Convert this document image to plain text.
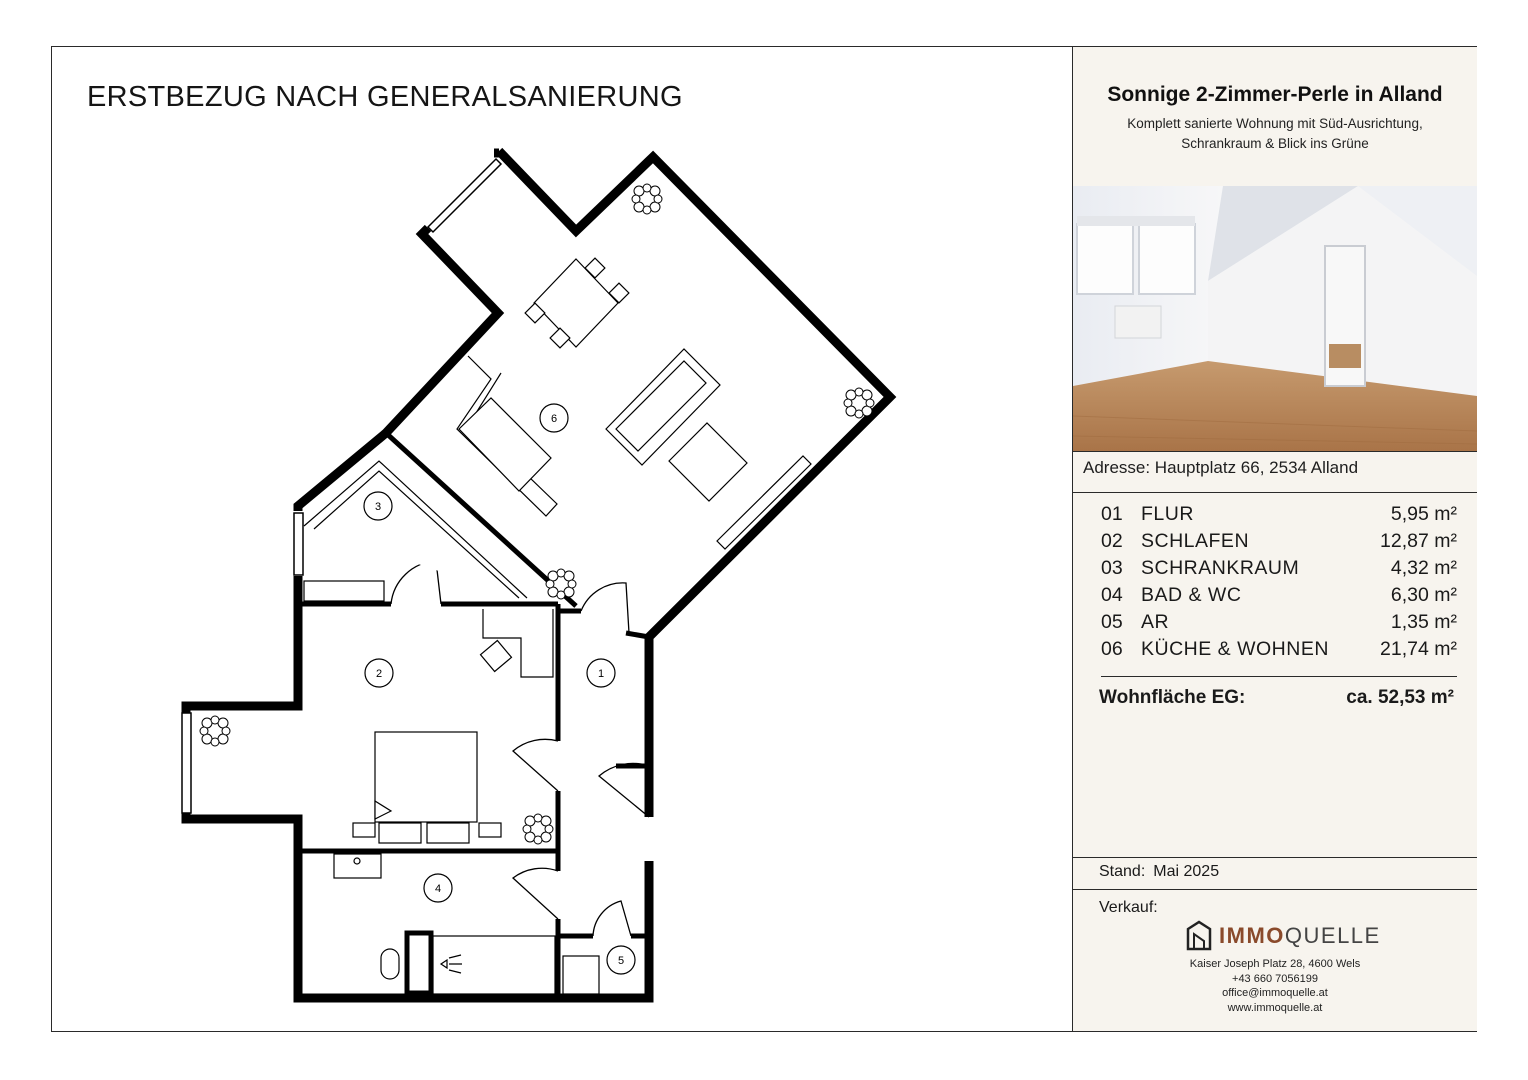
ERSTBEZUG NACH GENERALSANIERUNG
1
2
3
4
5
6
Sonnige 2-Zimmer-Perle in Alland
Komplett sanierte Wohnung mit Süd-Ausrichtung,
Schrankraum & Blick ins Grüne
Adresse: Hauptplatz 66, 2534 Alland
01 FLUR	5,95 m²
02 SCHLAFEN	12,87 m²
03 SCHRANKRAUM	4,32 m²
04 BAD & WC	6,30 m²
05 AR	1,35 m²
06 KÜCHE & WOHNEN	21,74 m²
Wohnfläche EG:	ca. 52,53 m²
Stand: Mai 2025
Verkauf:
IMMOQUELLE
Kaiser Joseph Platz 28, 4600 Wels
+43 660 7056199
office@immoquelle.at
www.immoquelle.at
